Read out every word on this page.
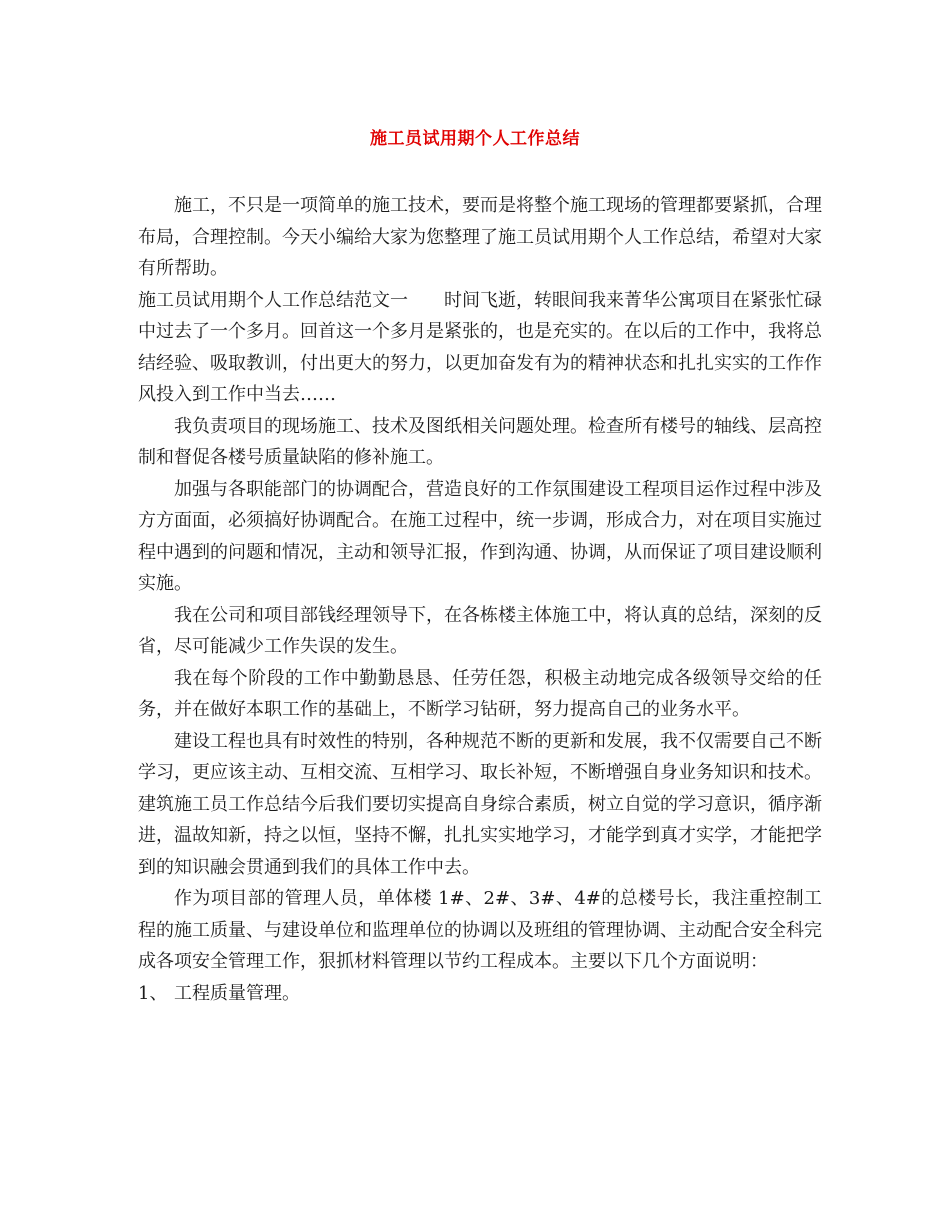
施工员试用期个人工作总结

施工，不只是一项简单的施工技术，要而是将整个施工现场的管理都要紧抓，合理布局，合理控制。今天小编给大家为您整理了施工员试用期个人工作总结，希望对大家有所帮助。

施工员试用期个人工作总结范文一　　时间飞逝，转眼间我来菁华公寓项目在紧张忙碌中过去了一个多月。回首这一个多月是紧张的，也是充实的。在以后的工作中，我将总结经验、吸取教训，付出更大的努力，以更加奋发有为的精神状态和扎扎实实的工作作风投入到工作中当去……

我负责项目的现场施工、技术及图纸相关问题处理。检查所有楼号的轴线、层高控制和督促各楼号质量缺陷的修补施工。

加强与各职能部门的协调配合，营造良好的工作氛围建设工程项目运作过程中涉及方方面面，必须搞好协调配合。在施工过程中，统一步调，形成合力，对在项目实施过程中遇到的问题和情况，主动和领导汇报，作到沟通、协调，从而保证了项目建设顺利实施。

我在公司和项目部钱经理领导下，在各栋楼主体施工中，将认真的总结，深刻的反省，尽可能减少工作失误的发生。

我在每个阶段的工作中勤勤恳恳、任劳任怨，积极主动地完成各级领导交给的任务，并在做好本职工作的基础上，不断学习钻研，努力提高自己的业务水平。

建设工程也具有时效性的特别，各种规范不断的更新和发展，我不仅需要自己不断学习，更应该主动、互相交流、互相学习、取长补短，不断增强自身业务知识和技术。建筑施工员工作总结今后我们要切实提高自身综合素质，树立自觉的学习意识，循序渐进，温故知新，持之以恒，坚持不懈，扎扎实实地学习，才能学到真才实学，才能把学到的知识融会贯通到我们的具体工作中去。

作为项目部的管理人员，单体楼 1#、2#、3#、4#的总楼号长，我注重控制工程的施工质量、与建设单位和监理单位的协调以及班组的管理协调、主动配合安全科完成各项安全管理工作，狠抓材料管理以节约工程成本。主要以下几个方面说明：

1、 工程质量管理。
